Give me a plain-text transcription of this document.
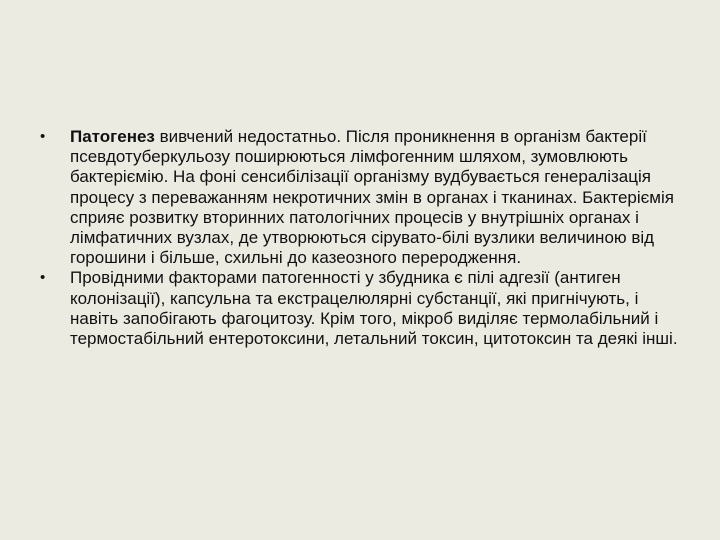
•	Патогенез вивчений недостатньо. Після проникнення в організм бактерії псевдотуберкульозу поширюються лімфогенним шляхом, зумовлюють бактеріємію. На фоні сенсибілізації організму вудбувається генералізація процесу з переважанням некротичних змін в органах і тканинах. Бактеріємія сприяє розвитку вторинних патологічних процесів у внутрішніх органах і лімфатичних вузлах, де утворюються сірувато-білі вузлики величиною від горошини і більше, схильні до казеозного переродження.
•	Провідними факторами патогенності у збудника є пілі адгезії (антиген колонізації), капсульна та екстрацелюлярні субстанції, які пригнічують, і навіть запобігають фагоцитозу. Крім того, мікроб виділяє термолабільний і термостабільний ентеротоксини, летальний токсин, цитотоксин та деякі інші.
